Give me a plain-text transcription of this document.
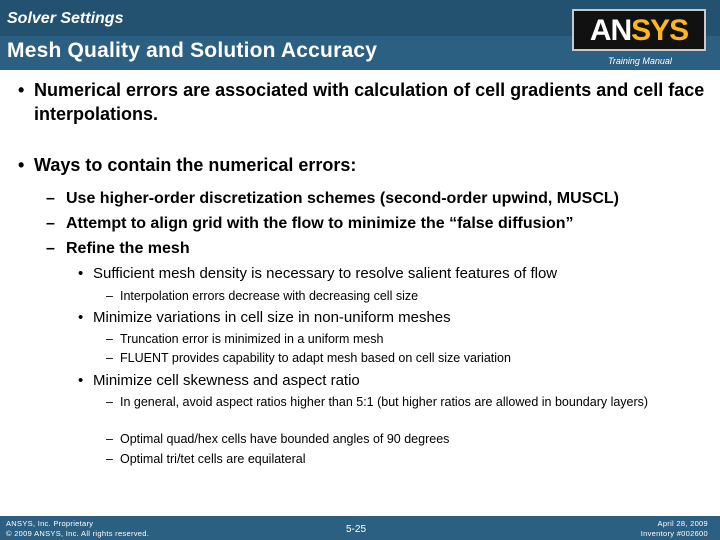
Solver Settings
Mesh Quality and Solution Accuracy
ANSYS
Training Manual
• Numerical errors are associated with calculation of cell gradients and cell face interpolations.
• Ways to contain the numerical errors:
– Use higher-order discretization schemes (second-order upwind, MUSCL)
– Attempt to align grid with the flow to minimize the “false diffusion”
– Refine the mesh
• Sufficient mesh density is necessary to resolve salient features of flow
– Interpolation errors decrease with decreasing cell size
• Minimize variations in cell size in non-uniform meshes
– Truncation error is minimized in a uniform mesh
– FLUENT provides capability to adapt mesh based on cell size variation
• Minimize cell skewness and aspect ratio
– In general, avoid aspect ratios higher than 5:1 (but higher ratios are allowed in boundary layers)
– Optimal quad/hex cells have bounded angles of 90 degrees
– Optimal tri/tet cells are equilateral
ANSYS, Inc. Proprietary
© 2009 ANSYS, Inc. All rights reserved.	5-25
April 28, 2009
Inventory #002600
